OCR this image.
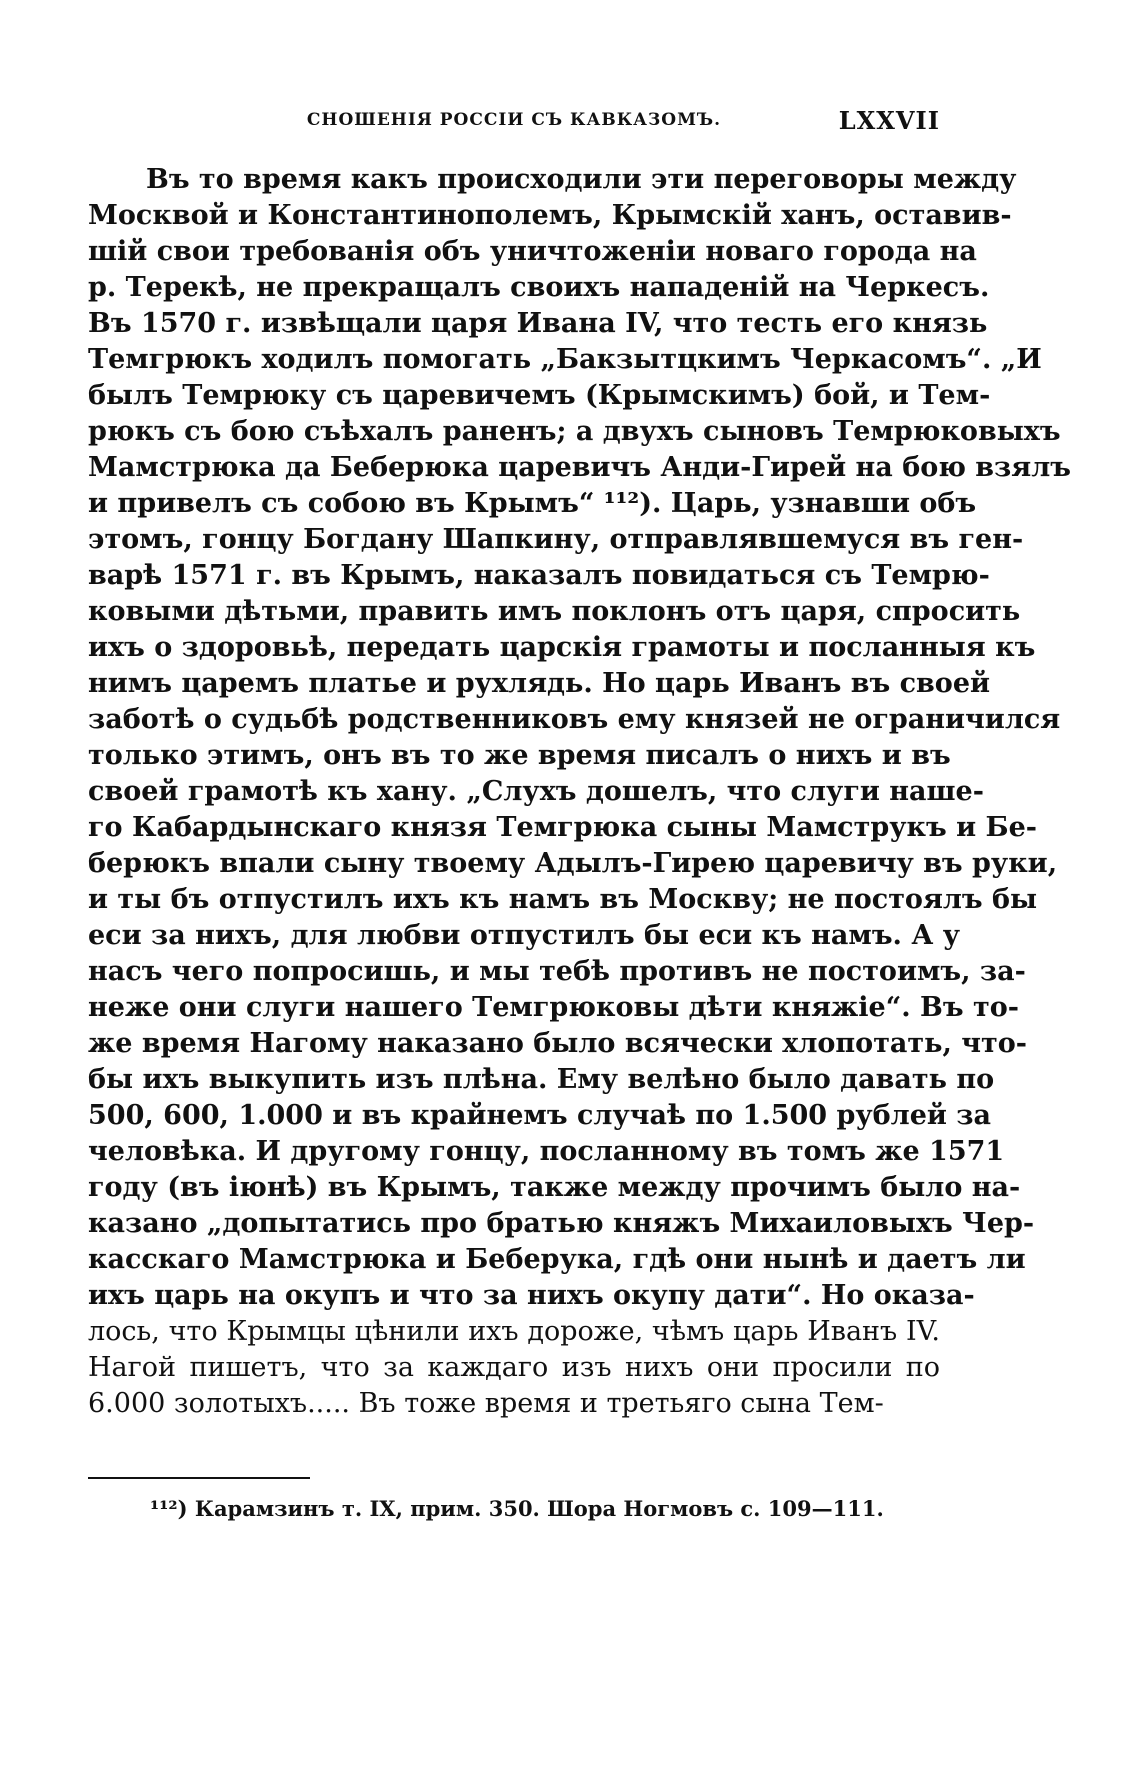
СНОШЕНІЯ РОССІИ СЪ КАВКАЗОМЪ.	LXXVII
Въ то время какъ происходили эти переговоры между
Москвой и Константинополемъ, Крымскій ханъ, оставив-
шій свои требованія объ уничтоженіи новаго города на
р. Терекѣ, не прекращалъ своихъ нападеній на Черкесъ.
Въ 1570 г. извѣщали царя Ивана IV, что тесть его князь
Темгрюкъ ходилъ помогать „Бакзытцкимъ Черкасомъ“. „И
былъ Темрюку съ царевичемъ (Крымскимъ) бой, и Тем-
рюкъ съ бою съѣхалъ раненъ; а двухъ сыновъ Темрюковыхъ
Мамстрюка да Беберюка царевичъ Анди-Гирей на бою взялъ
и привелъ съ собою въ Крымъ“ ¹¹²). Царь, узнавши объ
этомъ, гонцу Богдану Шапкину, отправлявшемуся въ ген-
варѣ 1571 г. въ Крымъ, наказалъ повидаться съ Темрю-
ковыми дѣтьми, править имъ поклонъ отъ царя, спросить
ихъ о здоровьѣ, передать царскія грамоты и посланныя къ
нимъ царемъ платье и рухлядь. Но царь Иванъ въ своей
заботѣ о судьбѣ родственниковъ ему князей не ограничился
только этимъ, онъ въ то же время писалъ о нихъ и въ
своей грамотѣ къ хану. „Слухъ дошелъ, что слуги наше-
го Кабардынскаго князя Темгрюка сыны Мамструкъ и Бе-
берюкъ впали сыну твоему Адылъ-Гирею царевичу въ руки,
и ты бъ отпустилъ ихъ къ намъ въ Москву; не постоялъ бы
еси за нихъ, для любви отпустилъ бы еси къ намъ. А у
насъ чего попросишь, и мы тебѣ противъ не постоимъ, за-
неже они слуги нашего Темгрюковы дѣти княжіе“. Въ то-
же время Нагому наказано было всячески хлопотать, что-
бы ихъ выкупить изъ плѣна. Ему велѣно было давать по
500, 600, 1.000 и въ крайнемъ случаѣ по 1.500 рублей за
человѣка. И другому гонцу, посланному въ томъ же 1571
году (въ іюнѣ) въ Крымъ, также между прочимъ было на-
казано „допытатись про братью княжъ Михаиловыхъ Чер-
касскаго Мамстрюка и Беберука, гдѣ они нынѣ и даетъ ли
ихъ царь на окупъ и что за нихъ окупу дати“. Но оказа-
лось, что Крымцы цѣнили ихъ дороже, чѣмъ царь Иванъ IV.
Нагой пишетъ, что за каждаго изъ нихъ они просили по
6.000 золотыхъ..... Въ тоже время и третьяго сына Тем-
¹¹²) Карамзинъ т. IX, прим. 350. Шора Ногмовъ с. 109—111.
